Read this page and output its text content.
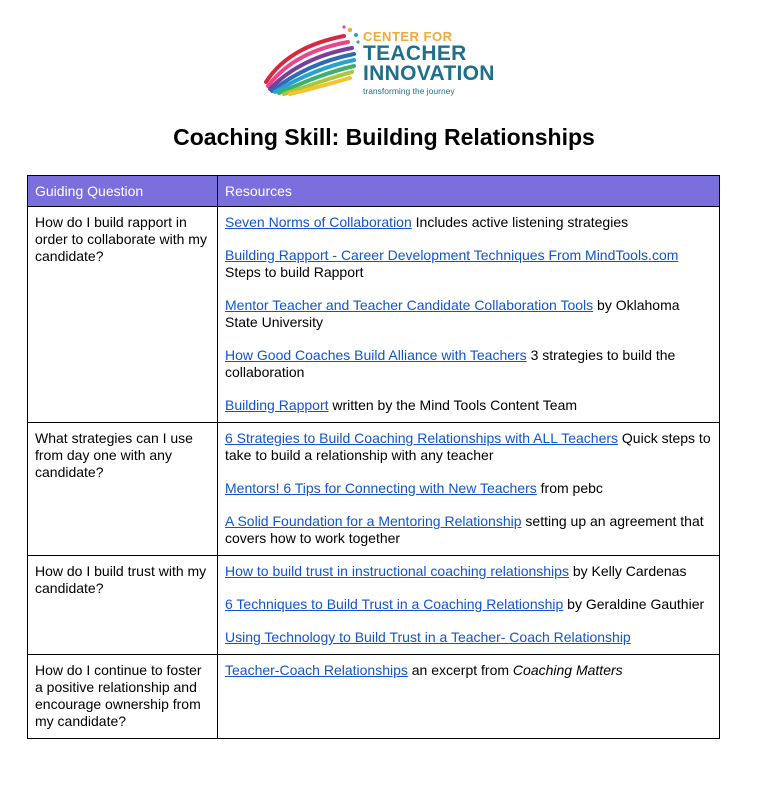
CENTER FOR
TEACHER
INNOVATION
transforming the journey
Coaching Skill: Building Relationships
Guiding Question	Resources
How do I build rapport in order to collaborate with my candidate?	Seven Norms of Collaboration Includes active listening strategies
Building Rapport - Career Development Techniques From MindTools.com Steps to build Rapport
Mentor Teacher and Teacher Candidate Collaboration Tools by Oklahoma State University
How Good Coaches Build Alliance with Teachers 3 strategies to build the collaboration
Building Rapport written by the Mind Tools Content Team

What strategies can I use from day one with any candidate?	6 Strategies to Build Coaching Relationships with ALL Teachers Quick steps to take to build a relationship with any teacher
Mentors! 6 Tips for Connecting with New Teachers from pebc
A Solid Foundation for a Mentoring Relationship setting up an agreement that covers how to work together

How do I build trust with my candidate?	How to build trust in instructional coaching relationships by Kelly Cardenas
6 Techniques to Build Trust in a Coaching Relationship by Geraldine Gauthier
Using Technology to Build Trust in a Teacher- Coach Relationship

How do I continue to foster a positive relationship and encourage ownership from my candidate?	Teacher-Coach Relationships an excerpt from Coaching Matters
